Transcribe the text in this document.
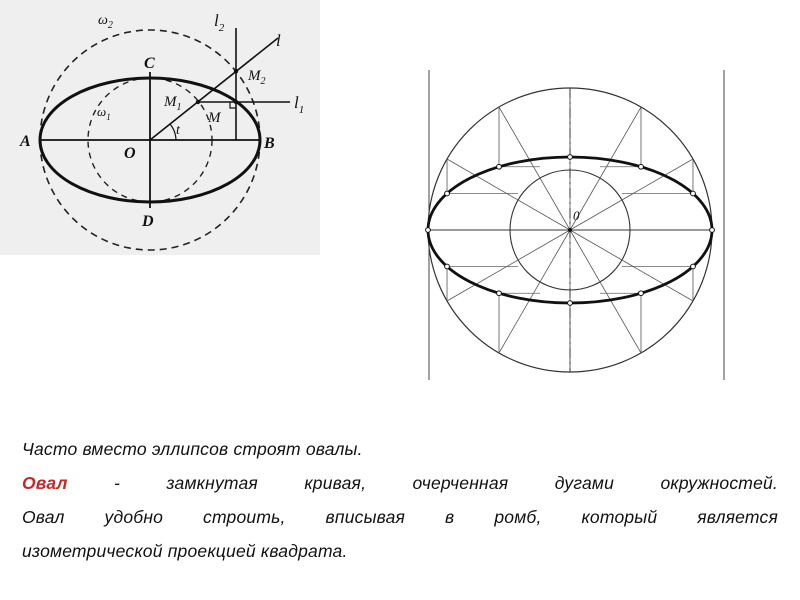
$\omega_2$
$\omega_1$
$l_2$
l
$l_1$
$M_2$
$M_1$
M
t
A	B
C
D
O
0

Часто вместо эллипсов строят овалы.

Овал - замкнутая кривая, очерченная дугами окружностей.

Овал удобно строить, вписывая в ромб, который является

изометрической проекцией квадрата.
